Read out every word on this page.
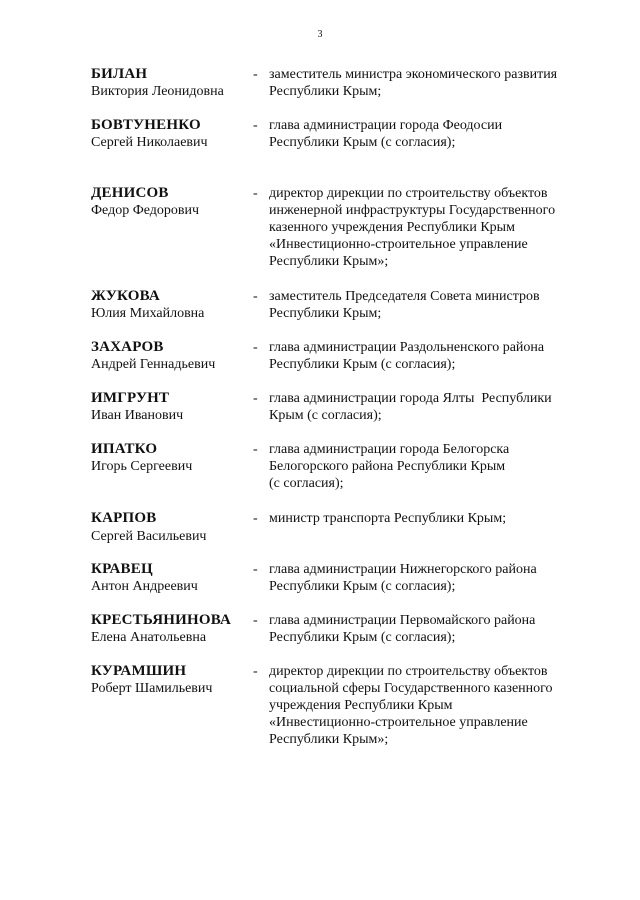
3
БИЛАН
Виктория Леонидовна
- заместитель министра экономического развития
Республики Крым;
БОВТУНЕНКО
Сергей Николаевич
- глава администрации города Феодосии
Республики Крым (с согласия);
ДЕНИСОВ
Федор Федорович
- директор дирекции по строительству объектов
инженерной инфраструктуры Государственного
казенного учреждения Республики Крым
«Инвестиционно-строительное управление
Республики Крым»;
ЖУКОВА
Юлия Михайловна
- заместитель Председателя Совета министров
Республики Крым;
ЗАХАРОВ
Андрей Геннадьевич
- глава администрации Раздольненского района
Республики Крым (с согласия);
ИМГРУНТ
Иван Иванович
- глава администрации города Ялты  Республики
Крым (с согласия);
ИПАТКО
Игорь Сергеевич
- глава администрации города Белогорска
Белогорского района Республики Крым
(с согласия);
КАРПОВ
Сергей Васильевич
- министр транспорта Республики Крым;
КРАВЕЦ
Антон Андреевич
- глава администрации Нижнегорского района
Республики Крым (с согласия);
КРЕСТЬЯНИНОВА
Елена Анатольевна
- глава администрации Первомайского района
Республики Крым (с согласия);
КУРАМШИН
Роберт Шамильевич
- директор дирекции по строительству объектов
социальной сферы Государственного казенного
учреждения Республики Крым
«Инвестиционно-строительное управление
Республики Крым»;
